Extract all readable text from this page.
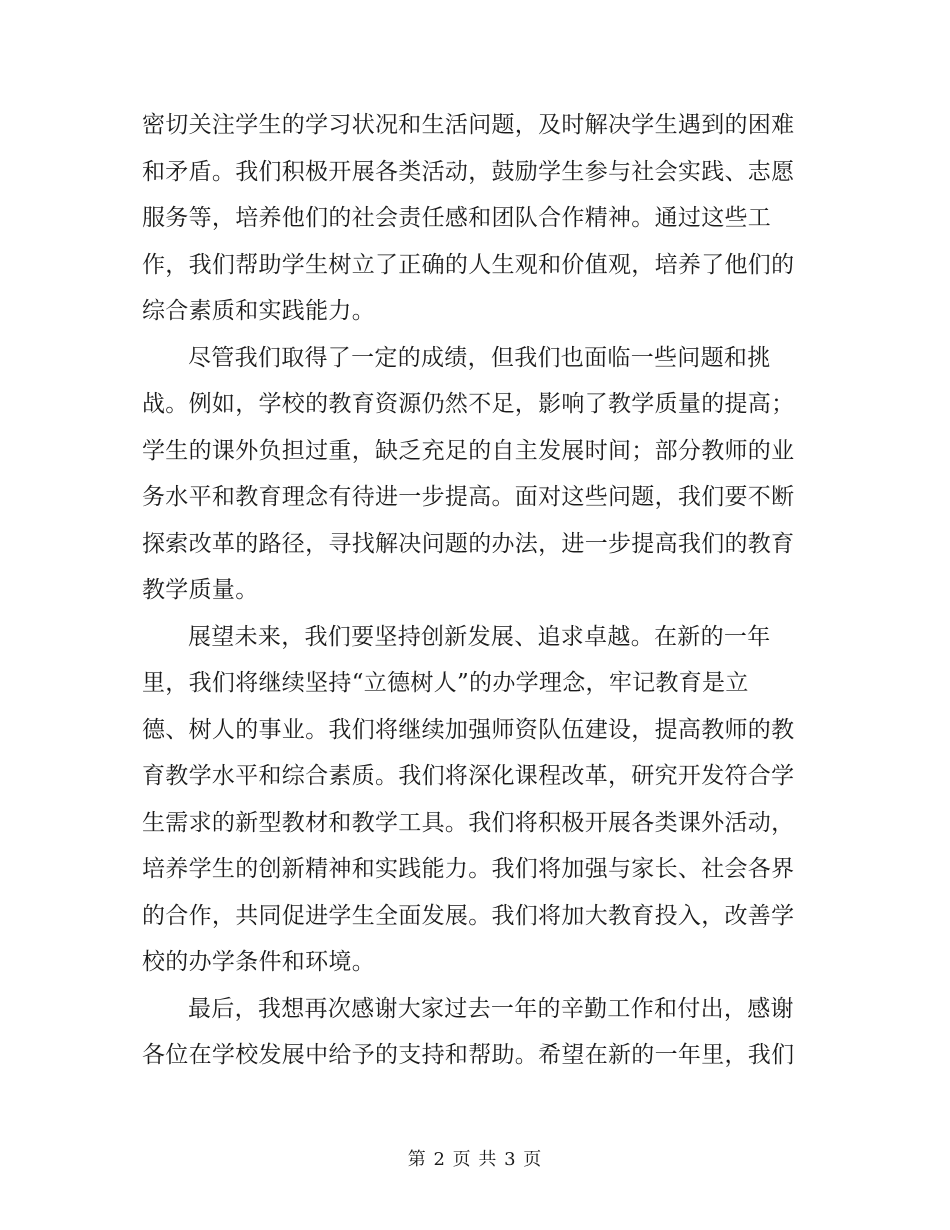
密切关注学生的学习状况和生活问题，及时解决学生遇到的困难
和矛盾。我们积极开展各类活动，鼓励学生参与社会实践、志愿
服务等，培养他们的社会责任感和团队合作精神。通过这些工
作，我们帮助学生树立了正确的人生观和价值观，培养了他们的
综合素质和实践能力。
尽管我们取得了一定的成绩，但我们也面临一些问题和挑
战。例如，学校的教育资源仍然不足，影响了教学质量的提高；
学生的课外负担过重，缺乏充足的自主发展时间；部分教师的业
务水平和教育理念有待进一步提高。面对这些问题，我们要不断
探索改革的路径，寻找解决问题的办法，进一步提高我们的教育
教学质量。
展望未来，我们要坚持创新发展、追求卓越。在新的一年
里，我们将继续坚持“立德树人”的办学理念，牢记教育是立
德、树人的事业。我们将继续加强师资队伍建设，提高教师的教
育教学水平和综合素质。我们将深化课程改革，研究开发符合学
生需求的新型教材和教学工具。我们将积极开展各类课外活动，
培养学生的创新精神和实践能力。我们将加强与家长、社会各界
的合作，共同促进学生全面发展。我们将加大教育投入，改善学
校的办学条件和环境。
最后，我想再次感谢大家过去一年的辛勤工作和付出，感谢
各位在学校发展中给予的支持和帮助。希望在新的一年里，我们
第 2 页 共 3 页
